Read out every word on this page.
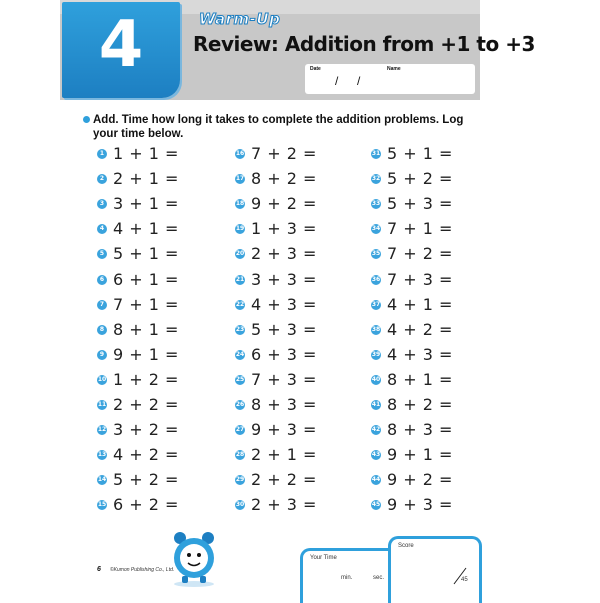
4	Warm-Up
Review: Addition from +1 to +3
Date	Name
/ /
Add. Time how long it takes to complete the addition problems. Log your time below.
1 1 + 1 =
2 2 + 1 =
3 3 + 1 =
4 4 + 1 =
5 5 + 1 =
6 6 + 1 =
7 7 + 1 =
8 8 + 1 =
9 9 + 1 =
10 1 + 2 =
11 2 + 2 =
12 3 + 2 =
13 4 + 2 =
14 5 + 2 =
15 6 + 2 =
16 7 + 2 =
17 8 + 2 =
18 9 + 2 =
19 1 + 3 =
20 2 + 3 =
21 3 + 3 =
22 4 + 3 =
23 5 + 3 =
24 6 + 3 =
25 7 + 3 =
26 8 + 3 =
27 9 + 3 =
28 2 + 1 =
29 2 + 2 =
30 2 + 3 =
31 5 + 1 =
32 5 + 2 =
33 5 + 3 =
34 7 + 1 =
35 7 + 2 =
36 7 + 3 =
37 4 + 1 =
38 4 + 2 =
39 4 + 3 =
40 8 + 1 =
41 8 + 2 =
42 8 + 3 =
43 9 + 1 =
44 9 + 2 =
45 9 + 3 =
6 ©Kumon Publishing Co., Ltd.
Your Time
min.	sec.
Score
45
